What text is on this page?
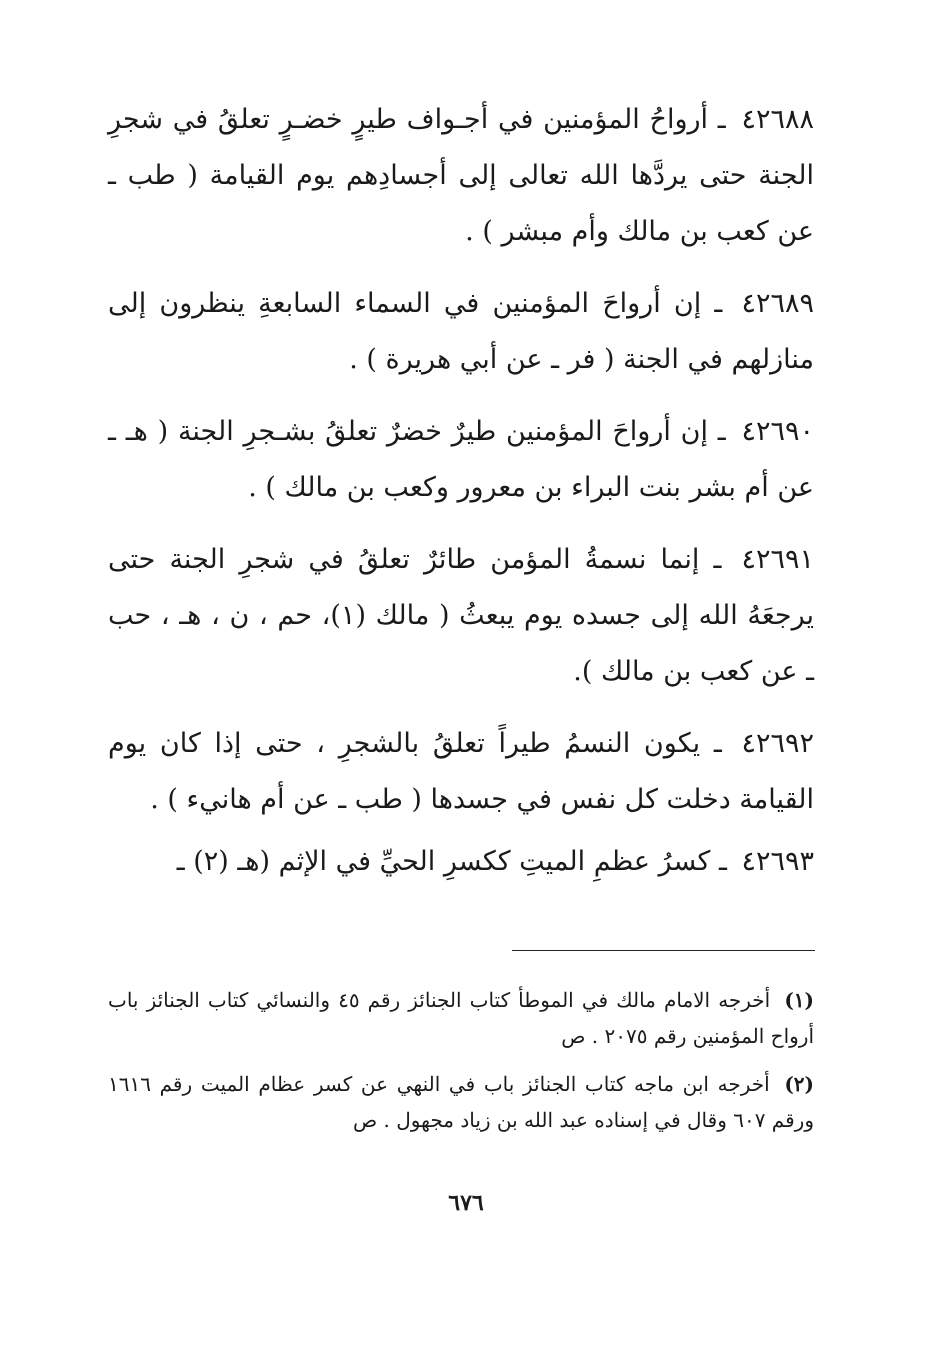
٤٢٦٨٨ ـ أرواحُ المؤمنين في أجـواف طيرٍ خضـرٍ تعلقُ في شجرِ الجنة حتى يردَّها الله تعالى إلى أجسادِهم يوم القيامة ( طب ـ عن كعب بن مالك وأم مبشر ) .

٤٢٦٨٩ ـ إن أرواحَ المؤمنين في السماء السابعةِ ينظرون إلى منازلهم في الجنة ( فر ـ عن أبي هريرة ) .

٤٢٦٩٠ ـ إن أرواحَ المؤمنين طيرٌ خضرٌ تعلقُ بشـجرِ الجنة ( هـ ـ عن أم بشر بنت البراء بن معرور وكعب بن مالك ) .

٤٢٦٩١ ـ إنما نسمةُ المؤمن طائرٌ تعلقُ في شجرِ الجنة حتى يرجعَهُ الله إلى جسده يوم يبعثُ ( مالك (١)، حم ، ن ، هـ ، حب ـ عن كعب بن مالك ).

٤٢٦٩٢ ـ يكون النسمُ طيراً تعلقُ بالشجرِ ، حتى إذا كان يوم القيامة دخلت كل نفس في جسدها ( طب ـ عن أم هانيء ) .

٤٢٦٩٣ ـ كسرُ عظمِ الميتِ ككسرِ الحيِّ في الإثم (هـ (٢) ـ

(١) أخرجه الامام مالك في الموطأ كتاب الجنائز رقم ٤٥ والنسائي كتاب الجنائز باب أرواح المؤمنين رقم ٢٠٧٥ . ص

(٢) أخرجه ابن ماجه كتاب الجنائز باب في النهي عن كسر عظام الميت رقم ١٦١٦ ورقم ٦٠٧ وقال في إسناده عبد الله بن زياد مجهول . ص

٦٧٦
